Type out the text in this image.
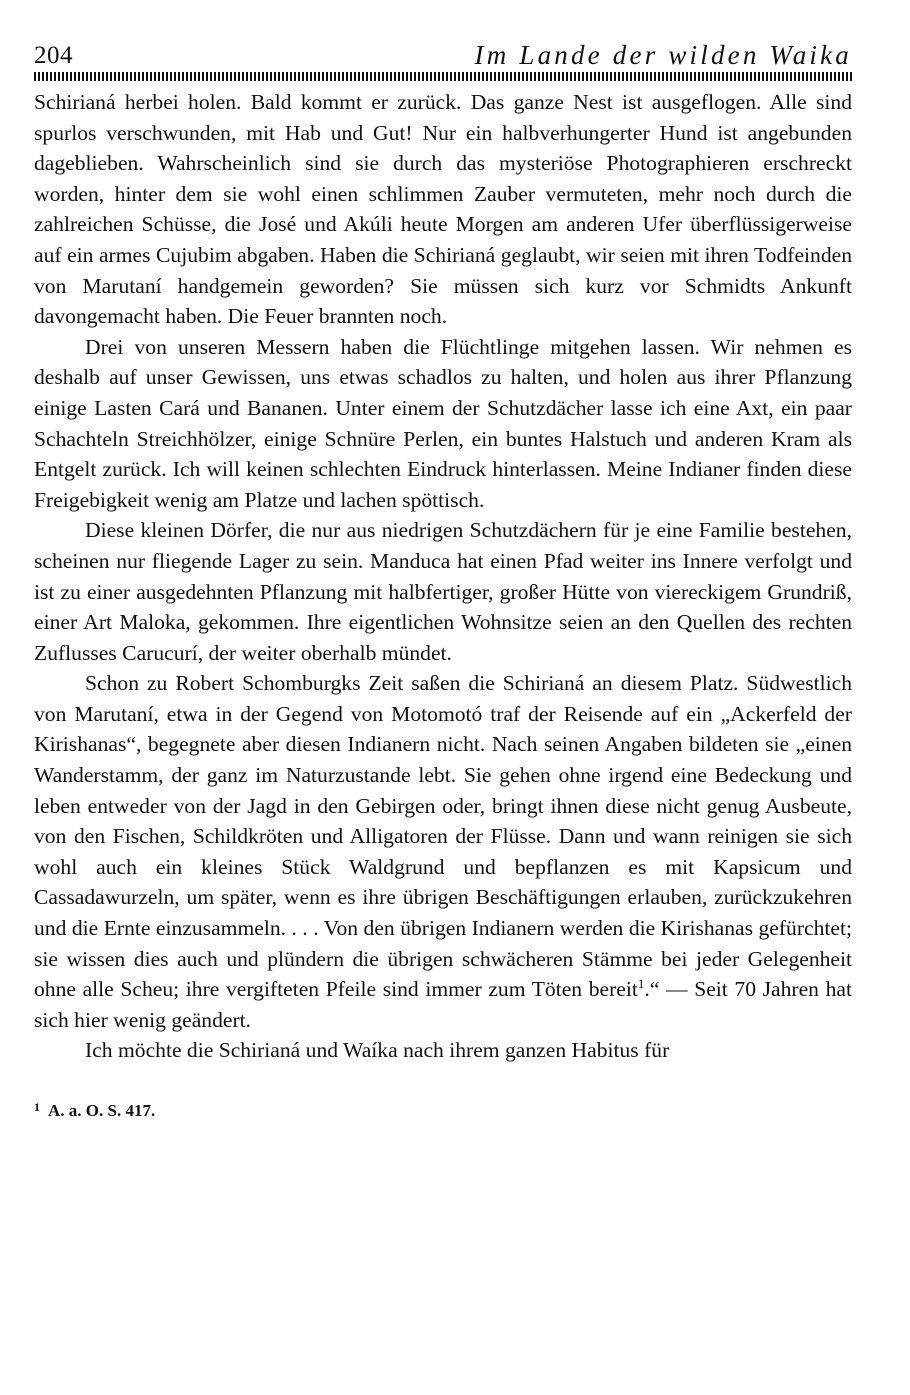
204	Im Lande der wilden Waika

Schirianá herbei holen. Bald kommt er zurück. Das ganze Nest ist ausgeflogen. Alle sind spurlos verschwunden, mit Hab und Gut! Nur ein halbverhungerter Hund ist angebunden dageblieben. Wahrscheinlich sind sie durch das mysteriöse Photographieren erschreckt worden, hinter dem sie wohl einen schlimmen Zauber vermuteten, mehr noch durch die zahlreichen Schüsse, die José und Akúli heute Morgen am anderen Ufer überflüssigerweise auf ein armes Cujubim abgaben. Haben die Schirianá geglaubt, wir seien mit ihren Todfeinden von Marutaní handgemein geworden? Sie müssen sich kurz vor Schmidts Ankunft davongemacht haben. Die Feuer brannten noch.

Drei von unseren Messern haben die Flüchtlinge mitgehen lassen. Wir nehmen es deshalb auf unser Gewissen, uns etwas schadlos zu halten, und holen aus ihrer Pflanzung einige Lasten Cará und Bananen. Unter einem der Schutzdächer lasse ich eine Axt, ein paar Schachteln Streichhölzer, einige Schnüre Perlen, ein buntes Halstuch und anderen Kram als Entgelt zurück. Ich will keinen schlechten Eindruck hinterlassen. Meine Indianer finden diese Freigebigkeit wenig am Platze und lachen spöttisch.

Diese kleinen Dörfer, die nur aus niedrigen Schutzdächern für je eine Familie bestehen, scheinen nur fliegende Lager zu sein. Manduca hat einen Pfad weiter ins Innere verfolgt und ist zu einer ausgedehnten Pflanzung mit halbfertiger, großer Hütte von viereckigem Grundriß, einer Art Maloka, gekommen. Ihre eigentlichen Wohnsitze seien an den Quellen des rechten Zuflusses Carucurí, der weiter oberhalb mündet.

Schon zu Robert Schomburgks Zeit saßen die Schirianá an diesem Platz. Südwestlich von Marutaní, etwa in der Gegend von Motomotó traf der Reisende auf ein „Ackerfeld der Kirishanas“, begegnete aber diesen Indianern nicht. Nach seinen Angaben bildeten sie „einen Wanderstamm, der ganz im Naturzustande lebt. Sie gehen ohne irgend eine Bedeckung und leben entweder von der Jagd in den Gebirgen oder, bringt ihnen diese nicht genug Ausbeute, von den Fischen, Schildkröten und Alligatoren der Flüsse. Dann und wann reinigen sie sich wohl auch ein kleines Stück Waldgrund und bepflanzen es mit Kapsicum und Cassadawurzeln, um später, wenn es ihre übrigen Beschäftigungen erlauben, zurückzukehren und die Ernte einzusammeln. . . . Von den übrigen Indianern werden die Kirishanas gefürchtet; sie wissen dies auch und plündern die übrigen schwächeren Stämme bei jeder Gelegenheit ohne alle Scheu; ihre vergifteten Pfeile sind immer zum Töten bereit$^1$.“ — Seit 70 Jahren hat sich hier wenig geändert.

Ich möchte die Schirianá und Waíka nach ihrem ganzen Habitus für

$^1$ A. a. O. S. 417.
